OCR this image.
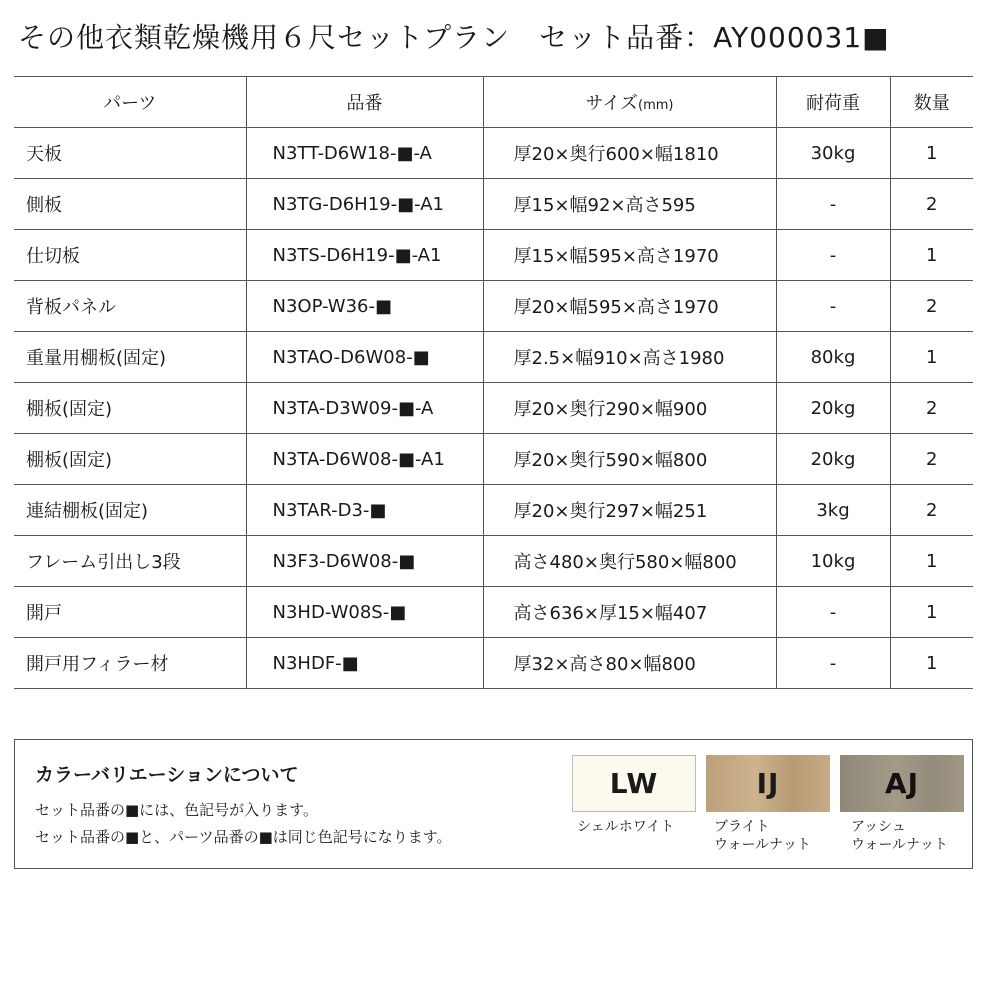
その他衣類乾燥機用６尺セットプラン　セット品番：AY000031■
パーツ	品番	サイズ(mm)	耐荷重	数量
天板	N3TT-D6W18-■-A	厚20×奥行600×幅1810	30kg	1
側板	N3TG-D6H19-■-A1	厚15×幅92×高さ595	-	2
仕切板	N3TS-D6H19-■-A1	厚15×幅595×高さ1970	-	1
背板パネル	N3OP-W36-■	厚20×幅595×高さ1970	-	2
重量用棚板(固定)	N3TAO-D6W08-■	厚2.5×幅910×高さ1980	80kg	1
棚板(固定)	N3TA-D3W09-■-A	厚20×奥行290×幅900	20kg	2
棚板(固定)	N3TA-D6W08-■-A1	厚20×奥行590×幅800	20kg	2
連結棚板(固定)	N3TAR-D3-■	厚20×奥行297×幅251	3kg	2
フレーム引出し3段	N3F3-D6W08-■	高さ480×奥行580×幅800	10kg	1
開戸	N3HD-W08S-■	高さ636×厚15×幅407	-	1
開戸用フィラー材	N3HDF-■	厚32×高さ80×幅800	-	1
カラーバリエーションについて
セット品番の■には、色記号が入ります。
セット品番の■と、パーツ品番の■は同じ色記号になります。
LW	IJ	AJ
シェルホワイト	ブライト
ウォールナット
アッシュ
ウォールナット
